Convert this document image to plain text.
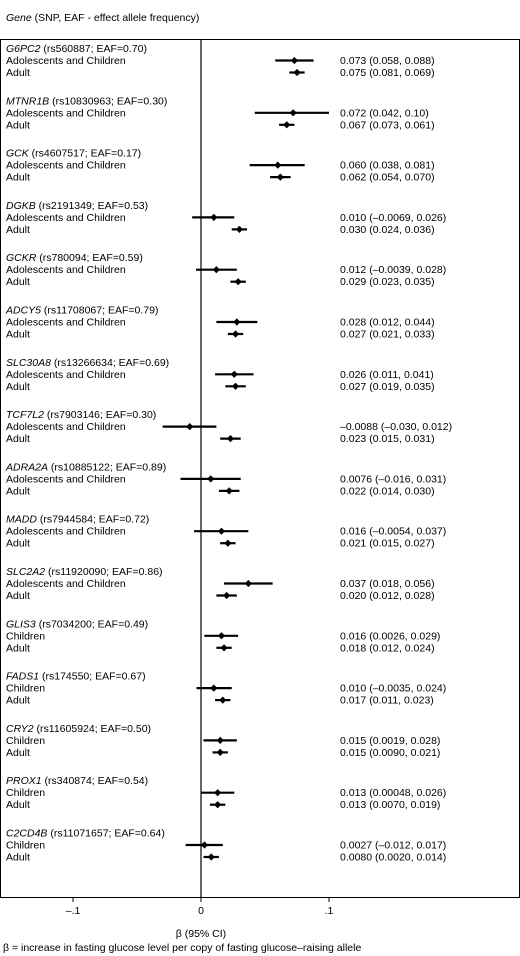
Gene (SNP, EAF - effect allele frequency)
G6PC2 (rs560887; EAF=0.70)
Adolescents and Children	0.073 (0.058, 0.088)
Adult	0.075 (0.081, 0.069)
MTNR1B (rs10830963; EAF=0.30)
Adolescents and Children	0.072 (0.042, 0.10)
Adult	0.067 (0.073, 0.061)
GCK (rs4607517; EAF=0.17)
Adolescents and Children	0.060 (0.038, 0.081)
Adult	0.062 (0.054, 0.070)
DGKB (rs2191349; EAF=0.53)
Adolescents and Children	0.010 (–0.0069, 0.026)
Adult	0.030 (0.024, 0.036)
GCKR (rs780094; EAF=0.59)
Adolescents and Children	0.012 (–0.0039, 0.028)
Adult	0.029 (0.023, 0.035)
ADCY5 (rs11708067; EAF=0.79)
Adolescents and Children	0.028 (0.012, 0.044)
Adult	0.027 (0.021, 0.033)
SLC30A8 (rs13266634; EAF=0.69)
Adolescents and Children	0.026 (0.011, 0.041)
Adult	0.027 (0.019, 0.035)
TCF7L2 (rs7903146; EAF=0.30)
Adolescents and Children	–0.0088 (–0.030, 0.012)
Adult	0.023 (0.015, 0.031)
ADRA2A (rs10885122; EAF=0.89)
Adolescents and Children	0.0076 (–0.016, 0.031)
Adult	0.022 (0.014, 0.030)
MADD (rs7944584; EAF=0.72)
Adolescents and Children	0.016 (–0.0054, 0.037)
Adult	0.021 (0.015, 0.027)
SLC2A2 (rs11920090; EAF=0.86)
Adolescents and Children	0.037 (0.018, 0.056)
Adult	0.020 (0.012, 0.028)
GLIS3 (rs7034200; EAF=0.49)
Children	0.016 (0.0026, 0.029)
Adult	0.018 (0.012, 0.024)
FADS1 (rs174550; EAF=0.67)
Children	0.010 (–0.0035, 0.024)
Adult	0.017 (0.011, 0.023)
CRY2 (rs11605924; EAF=0.50)
Children	0.015 (0.0019, 0.028)
Adult	0.015 (0.0090, 0.021)
PROX1 (rs340874; EAF=0.54)
Children	0.013 (0.00048, 0.026)
Adult	0.013 (0.0070, 0.019)
C2CD4B (rs11071657; EAF=0.64)
Children	0.0027 (–0.012, 0.017)
Adult	0.0080 (0.0020, 0.014)
–.1	0	.1
β (95% CI)
β = increase in fasting glucose level per copy of fasting glucose–raising allele
